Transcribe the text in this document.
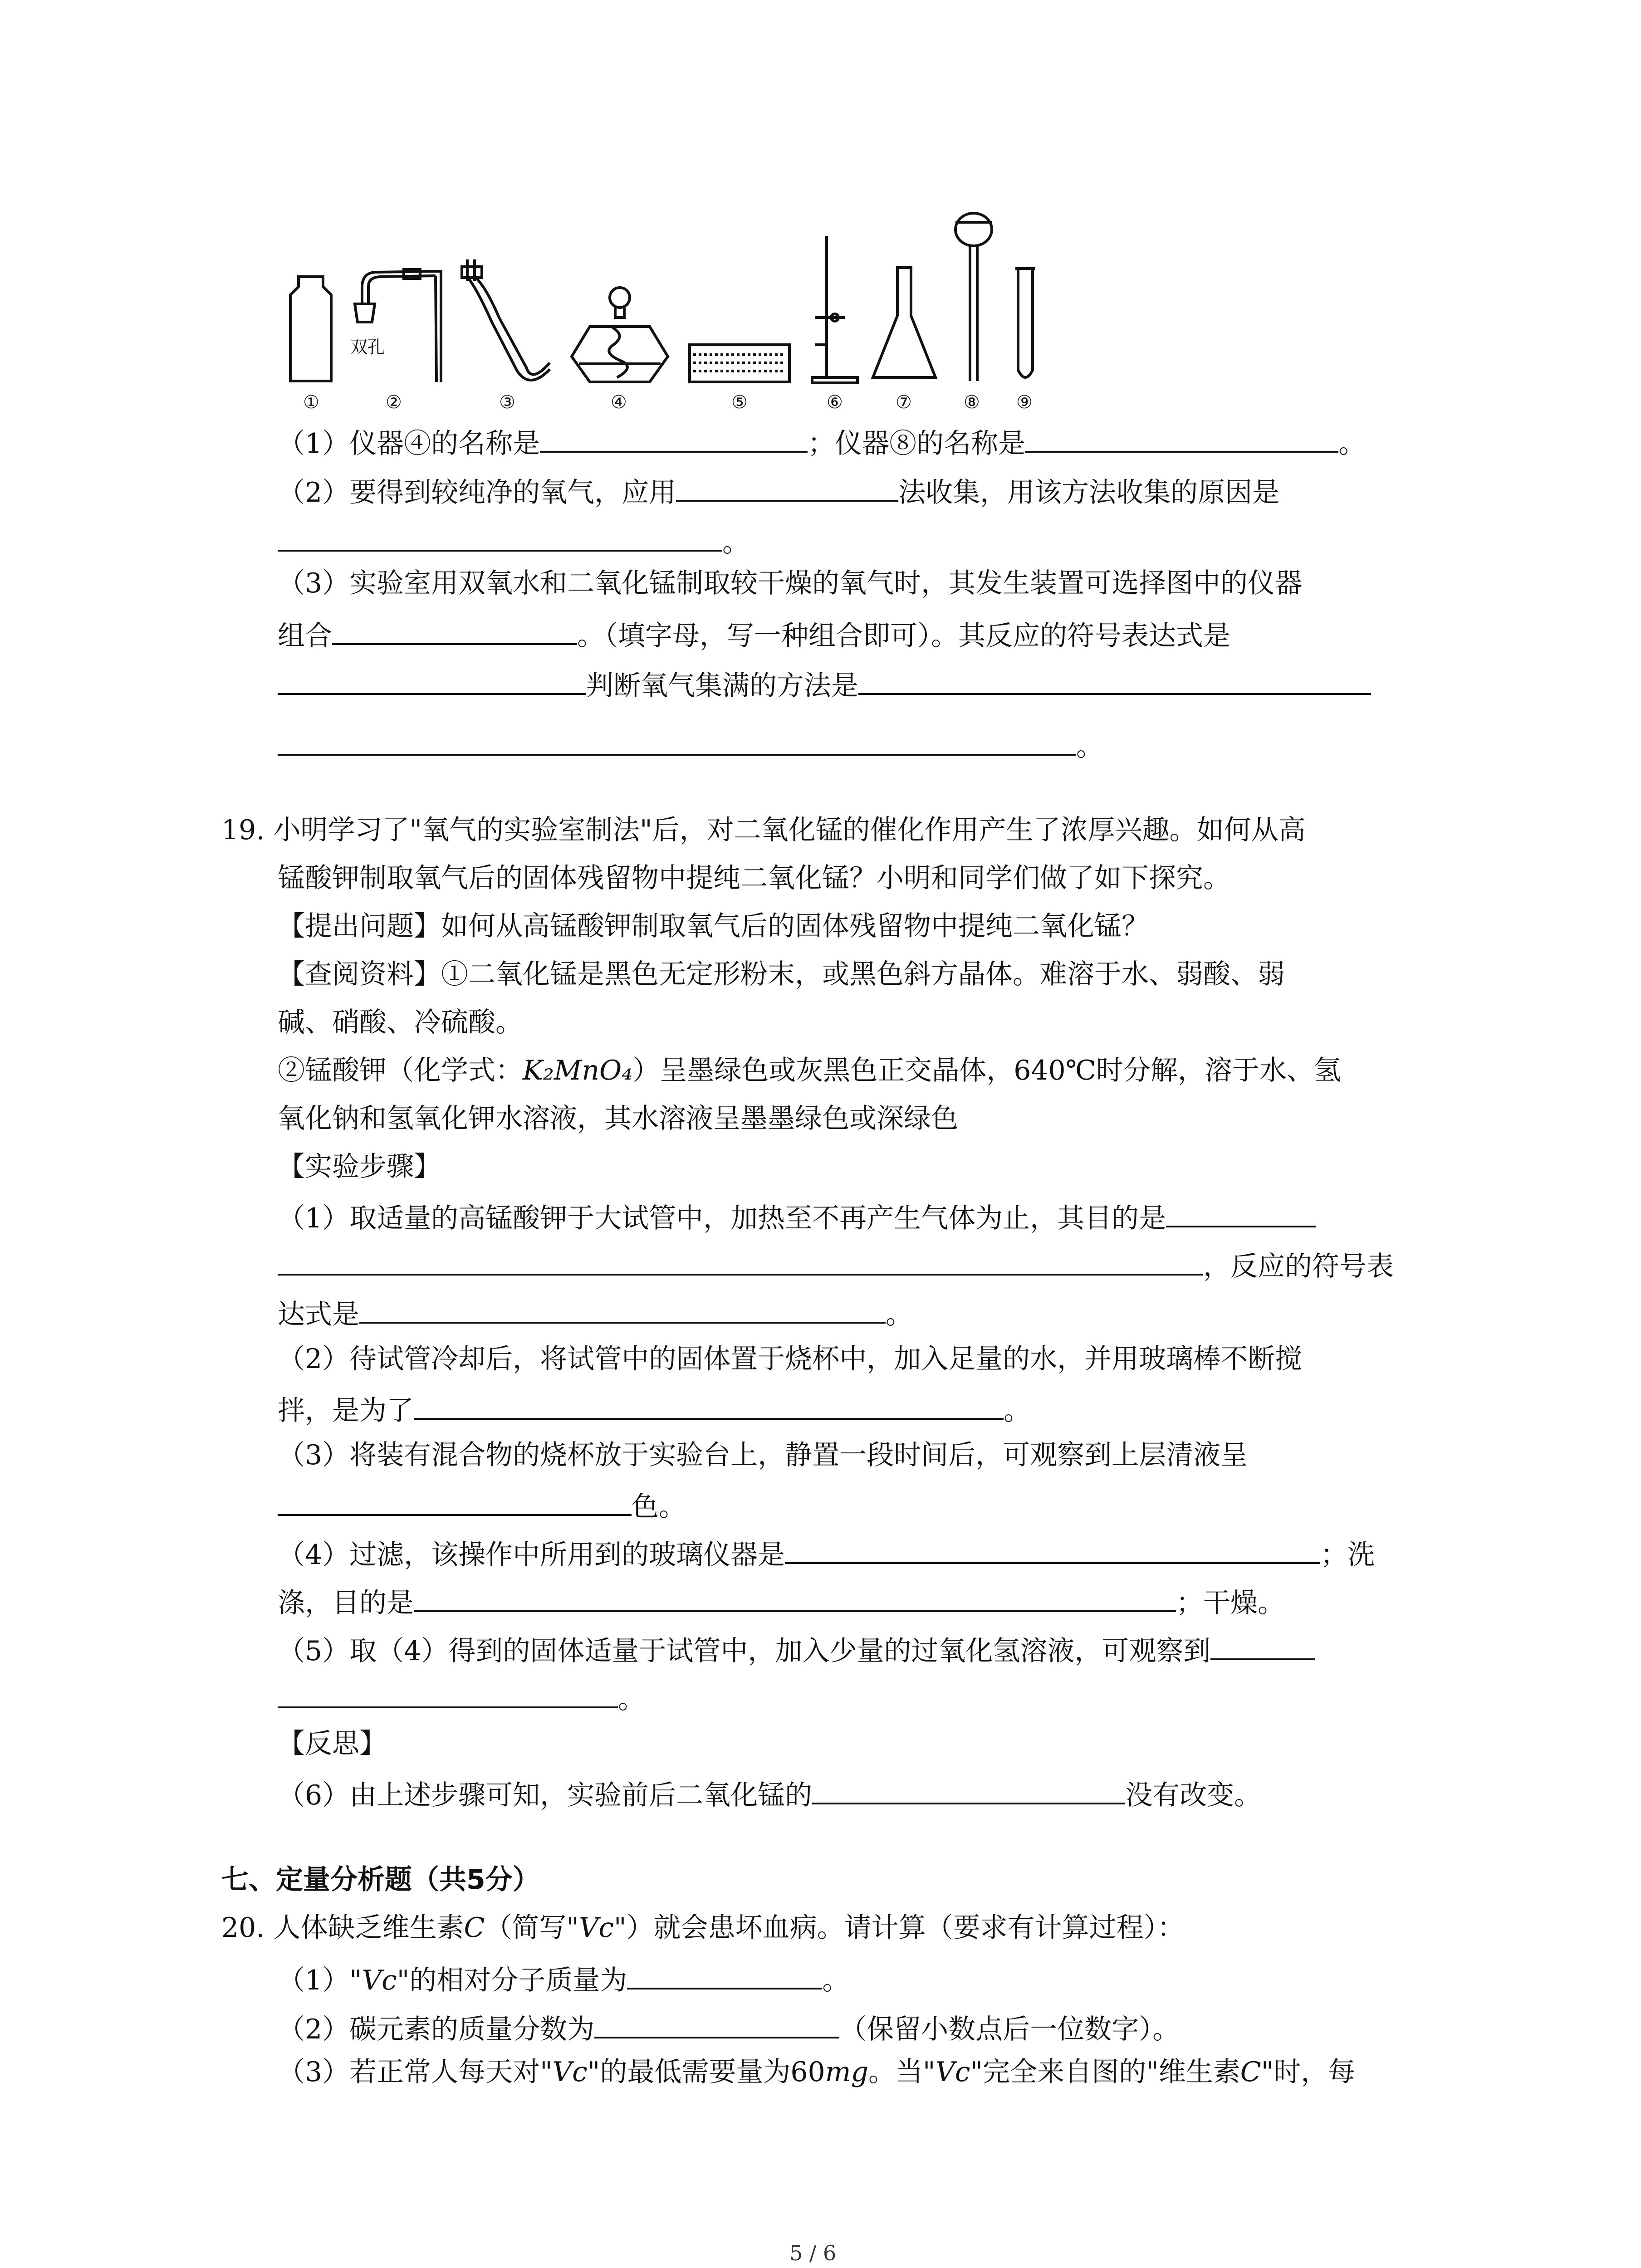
双孔
①	②	③	④	⑤	⑥	⑦	⑧ ⑨
（1）仪器④的名称是	；仪器⑧的名称是	。
（2）要得到较纯净的氧气，应用	法收集，用该方法收集的原因是
。
（3）实验室用双氧水和二氧化锰制取较干燥的氧气时，其发生装置可选择图中的仪器
组合	。（填字母，写一种组合即可）。其反应的符号表达式是
判断氧气集满的方法是
。
19. 小明学习了"氧气的实验室制法"后，对二氧化锰的催化作用产生了浓厚兴趣。如何从高
锰酸钾制取氧气后的固体残留物中提纯二氧化锰？小明和同学们做了如下探究。
【提出问题】如何从高锰酸钾制取氧气后的固体残留物中提纯二氧化锰？
【查阅资料】①二氧化锰是黑色无定形粉末，或黑色斜方晶体。难溶于水、弱酸、弱
碱、硝酸、冷硫酸。
②锰酸钾（化学式：K₂MnO₄）呈墨绿色或灰黑色正交晶体，640℃时分解，溶于水、氢
氧化钠和氢氧化钾水溶液，其水溶液呈墨墨绿色或深绿色
【实验步骤】
（1）取适量的高锰酸钾于大试管中，加热至不再产生气体为止，其目的是
，反应的符号表
达式是	。
（2）待试管冷却后，将试管中的固体置于烧杯中，加入足量的水，并用玻璃棒不断搅
拌，是为了	。
（3）将装有混合物的烧杯放于实验台上，静置一段时间后，可观察到上层清液呈
色。
（4）过滤，该操作中所用到的玻璃仪器是	；洗
涤，目的是	；干燥。
（5）取（4）得到的固体适量于试管中，加入少量的过氧化氢溶液，可观察到
。
【反思】
（6）由上述步骤可知，实验前后二氧化锰的	没有改变。
七、定量分析题（共5分）
20. 人体缺乏维生素C（简写"Vc"）就会患坏血病。请计算（要求有计算过程）：
（1）"Vc"的相对分子质量为	。
（2）碳元素的质量分数为	（保留小数点后一位数字）。
（3）若正常人每天对"Vc"的最低需要量为60mg。当"Vc"完全来自图的"维生素C"时，每
5 / 6
